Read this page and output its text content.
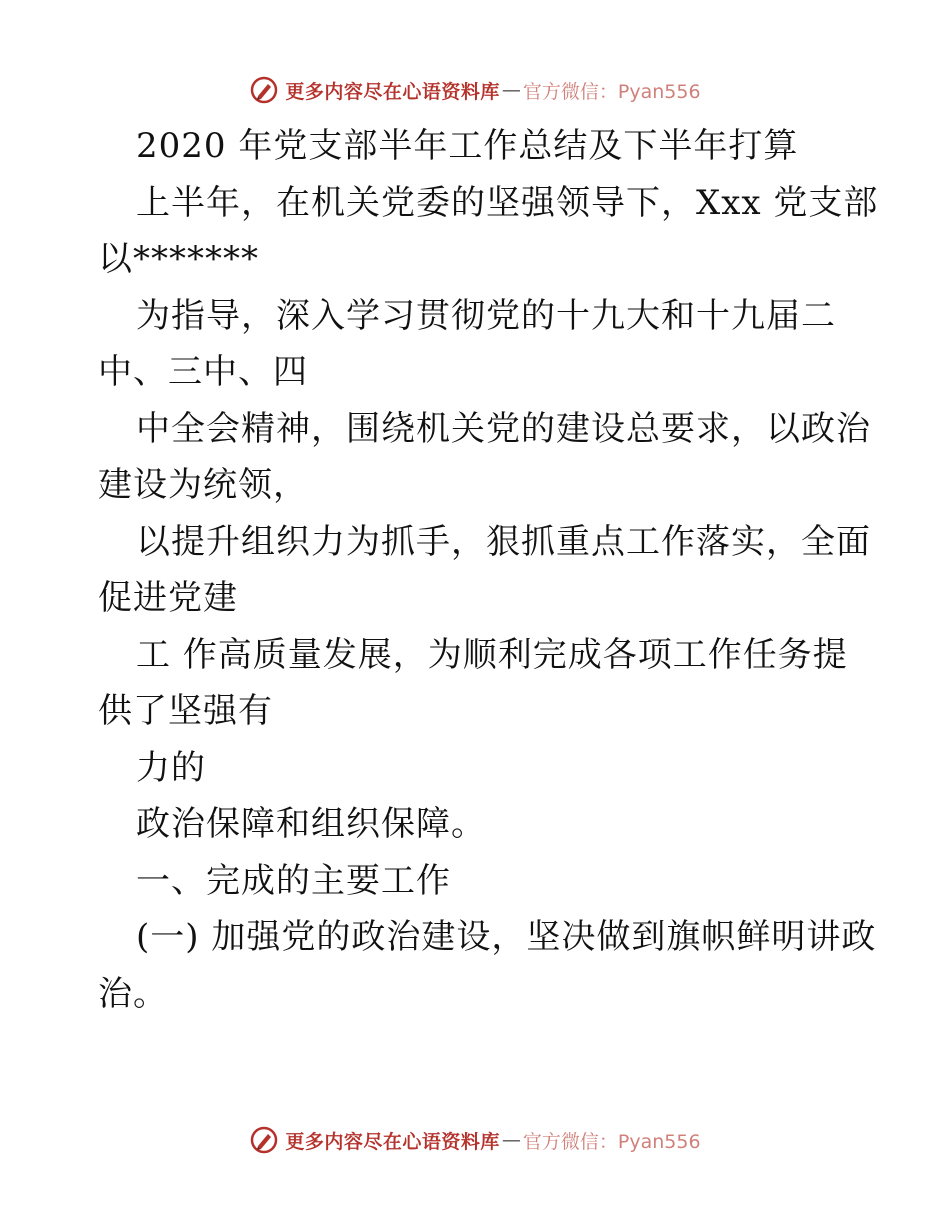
更多内容尽在心语资料库 — 官方微信：Pyan556
2020 年党支部半年工作总结及下半年打算
上半年，在机关党委的坚强领导下，Xxx 党支部
以*******
为指导，深入学习贯彻党的十九大和十九届二
中、三中、四
中全会精神，围绕机关党的建设总要求，以政治
建设为统领，
以提升组织力为抓手，狠抓重点工作落实，全面
促进党建
工 作高质量发展，为顺利完成各项工作任务提
供了坚强有
力的
政治保障和组织保障。
一、完成的主要工作
(一) 加强党的政治建设，坚决做到旗帜鲜明讲政
治。
更多内容尽在心语资料库 — 官方微信：Pyan556
